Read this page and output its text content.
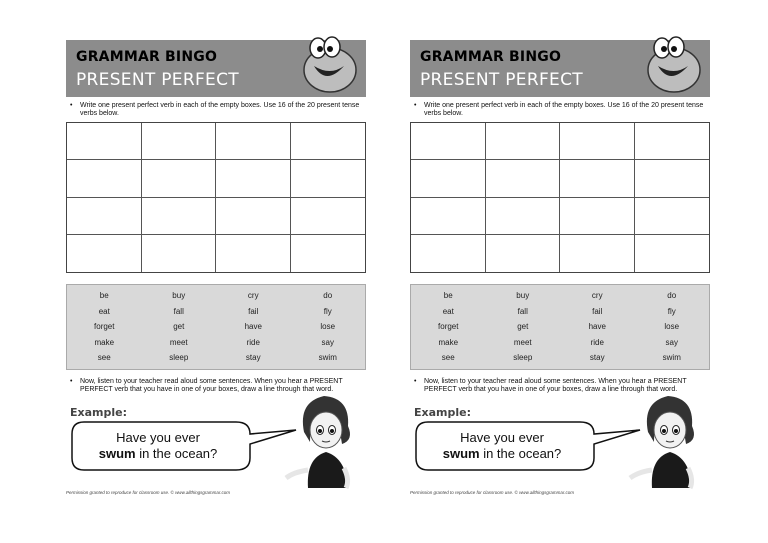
GRAMMAR BINGO
PRESENT PERFECT
• Write one present perfect verb in each of the empty boxes. Use 16 of the 20 present tense verbs below.
be	buy	cry	do
eat	fall	fail	fly
forget	get	have	lose
make	meet	ride	say
see	sleep	stay	swim
• Now, listen to your teacher read aloud some sentences. When you hear a PRESENT PERFECT verb that you have in one of your boxes, draw a line through that word.
Example:
Have you ever
swum in the ocean?
Permission granted to reproduce for classroom use. © www.allthingsgrammar.com
GRAMMAR BINGO
PRESENT PERFECT
• Write one present perfect verb in each of the empty boxes. Use 16 of the 20 present tense verbs below.
be	buy	cry	do
eat	fall	fail	fly
forget	get	have	lose
make	meet	ride	say
see	sleep	stay	swim
• Now, listen to your teacher read aloud some sentences. When you hear a PRESENT PERFECT verb that you have in one of your boxes, draw a line through that word.
Example:
Have you ever
swum in the ocean?
Permission granted to reproduce for classroom use. © www.allthingsgrammar.com
